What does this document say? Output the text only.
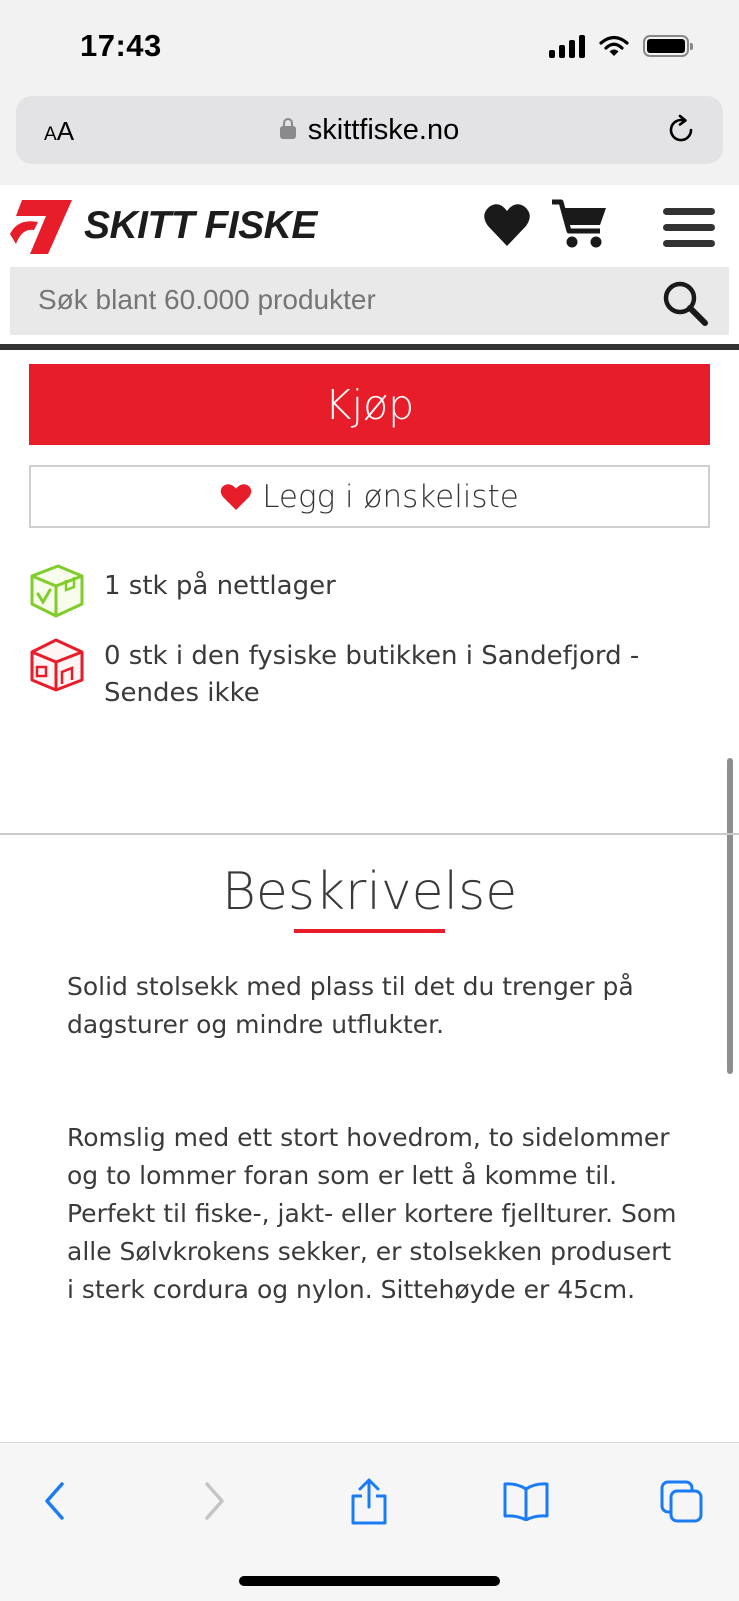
17:43
AA	skittfiske.no
SKITT FISKE
Søk blant 60.000 produkter
Kjøp
Legg i ønskeliste
1 stk på nettlager
0 stk i den fysiske butikken i Sandefjord - Sendes ikke
Beskrivelse
Solid stolsekk med plass til det du trenger på dagsturer og mindre utflukter.
Romslig med ett stort hovedrom, to sidelommer og to lommer foran som er lett å komme til. Perfekt til fiske-, jakt- eller kortere fjellturer. Som alle Sølvkrokens sekker, er stolsekken produsert i sterk cordura og nylon. Sittehøyde er 45cm.
